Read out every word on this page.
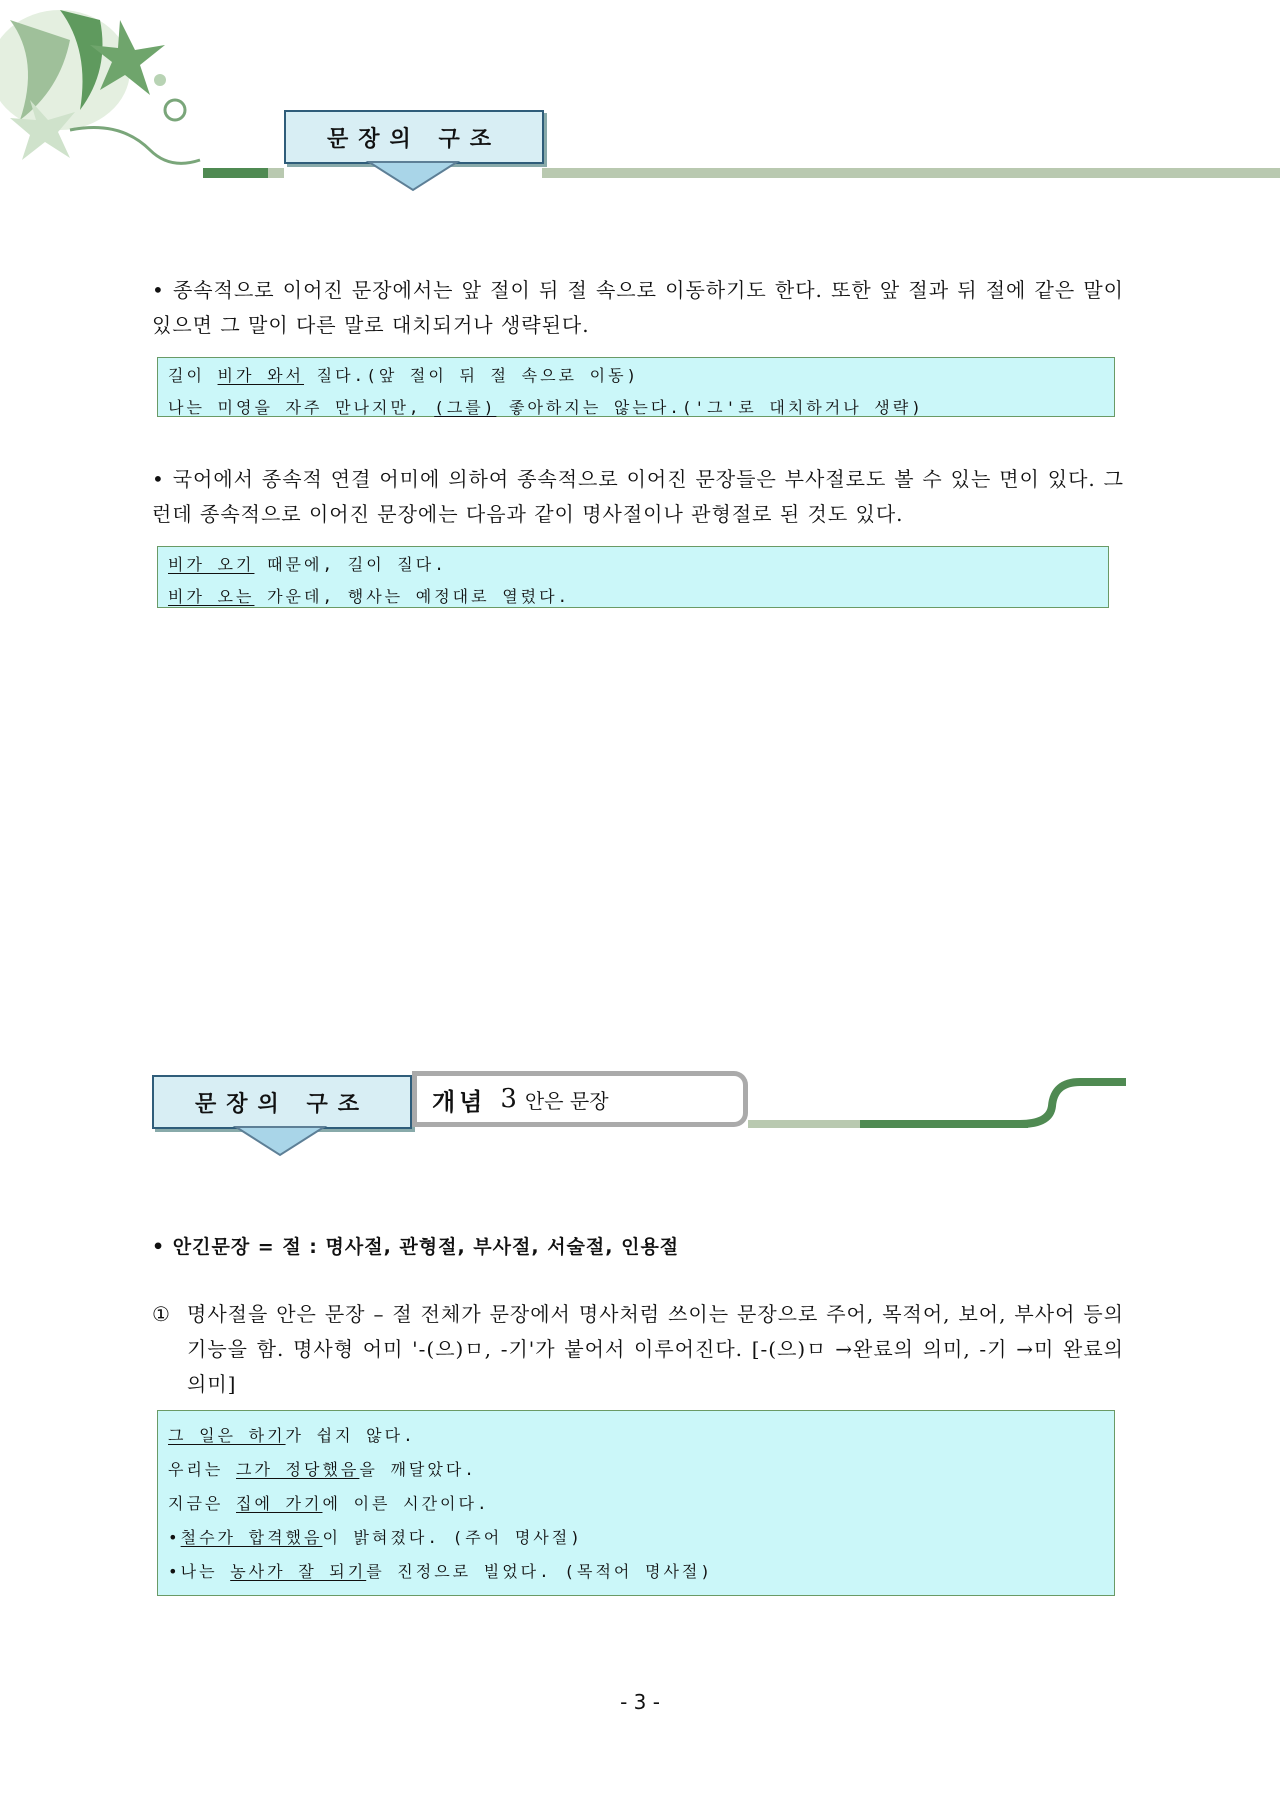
문장의 구조
• 종속적으로 이어진 문장에서는 앞 절이 뒤 절 속으로 이동하기도 한다. 또한 앞 절과 뒤 절에 같은 말이 있으면 그 말이 다른 말로 대치되거나 생략된다.
길이 비가 와서 질다.(앞 절이 뒤 절 속으로 이동)
나는 미영을 자주 만나지만, (그를) 좋아하지는 않는다.('그'로 대치하거나 생략)
• 국어에서 종속적 연결 어미에 의하여 종속적으로 이어진 문장들은 부사절로도 볼 수 있는 면이 있다. 그런데 종속적으로 이어진 문장에는 다음과 같이 명사절이나 관형절로 된 것도 있다.
비가 오기 때문에, 길이 질다.
비가 오는 가운데, 행사는 예정대로 열렸다.
문장의 구조	개념 3 안은 문장
• 안긴문장 = 절 : 명사절, 관형절, 부사절, 서술절, 인용절
① 명사절을 안은 문장 – 절 전체가 문장에서 명사처럼 쓰이는 문장으로 주어, 목적어, 보어, 부사어 등의 기능을 함. 명사형 어미 '-(으)ㅁ, -기'가 붙어서 이루어진다. [-(으)ㅁ →완료의 의미, -기 →미 완료의 의미]
그 일은 하기가 쉽지 않다.
우리는 그가 정당했음을 깨달았다.
지금은 집에 가기에 이른 시간이다.
•철수가 합격했음이 밝혀졌다. (주어 명사절)
•나는 농사가 잘 되기를 진정으로 빌었다. (목적어 명사절)
- 3 -
